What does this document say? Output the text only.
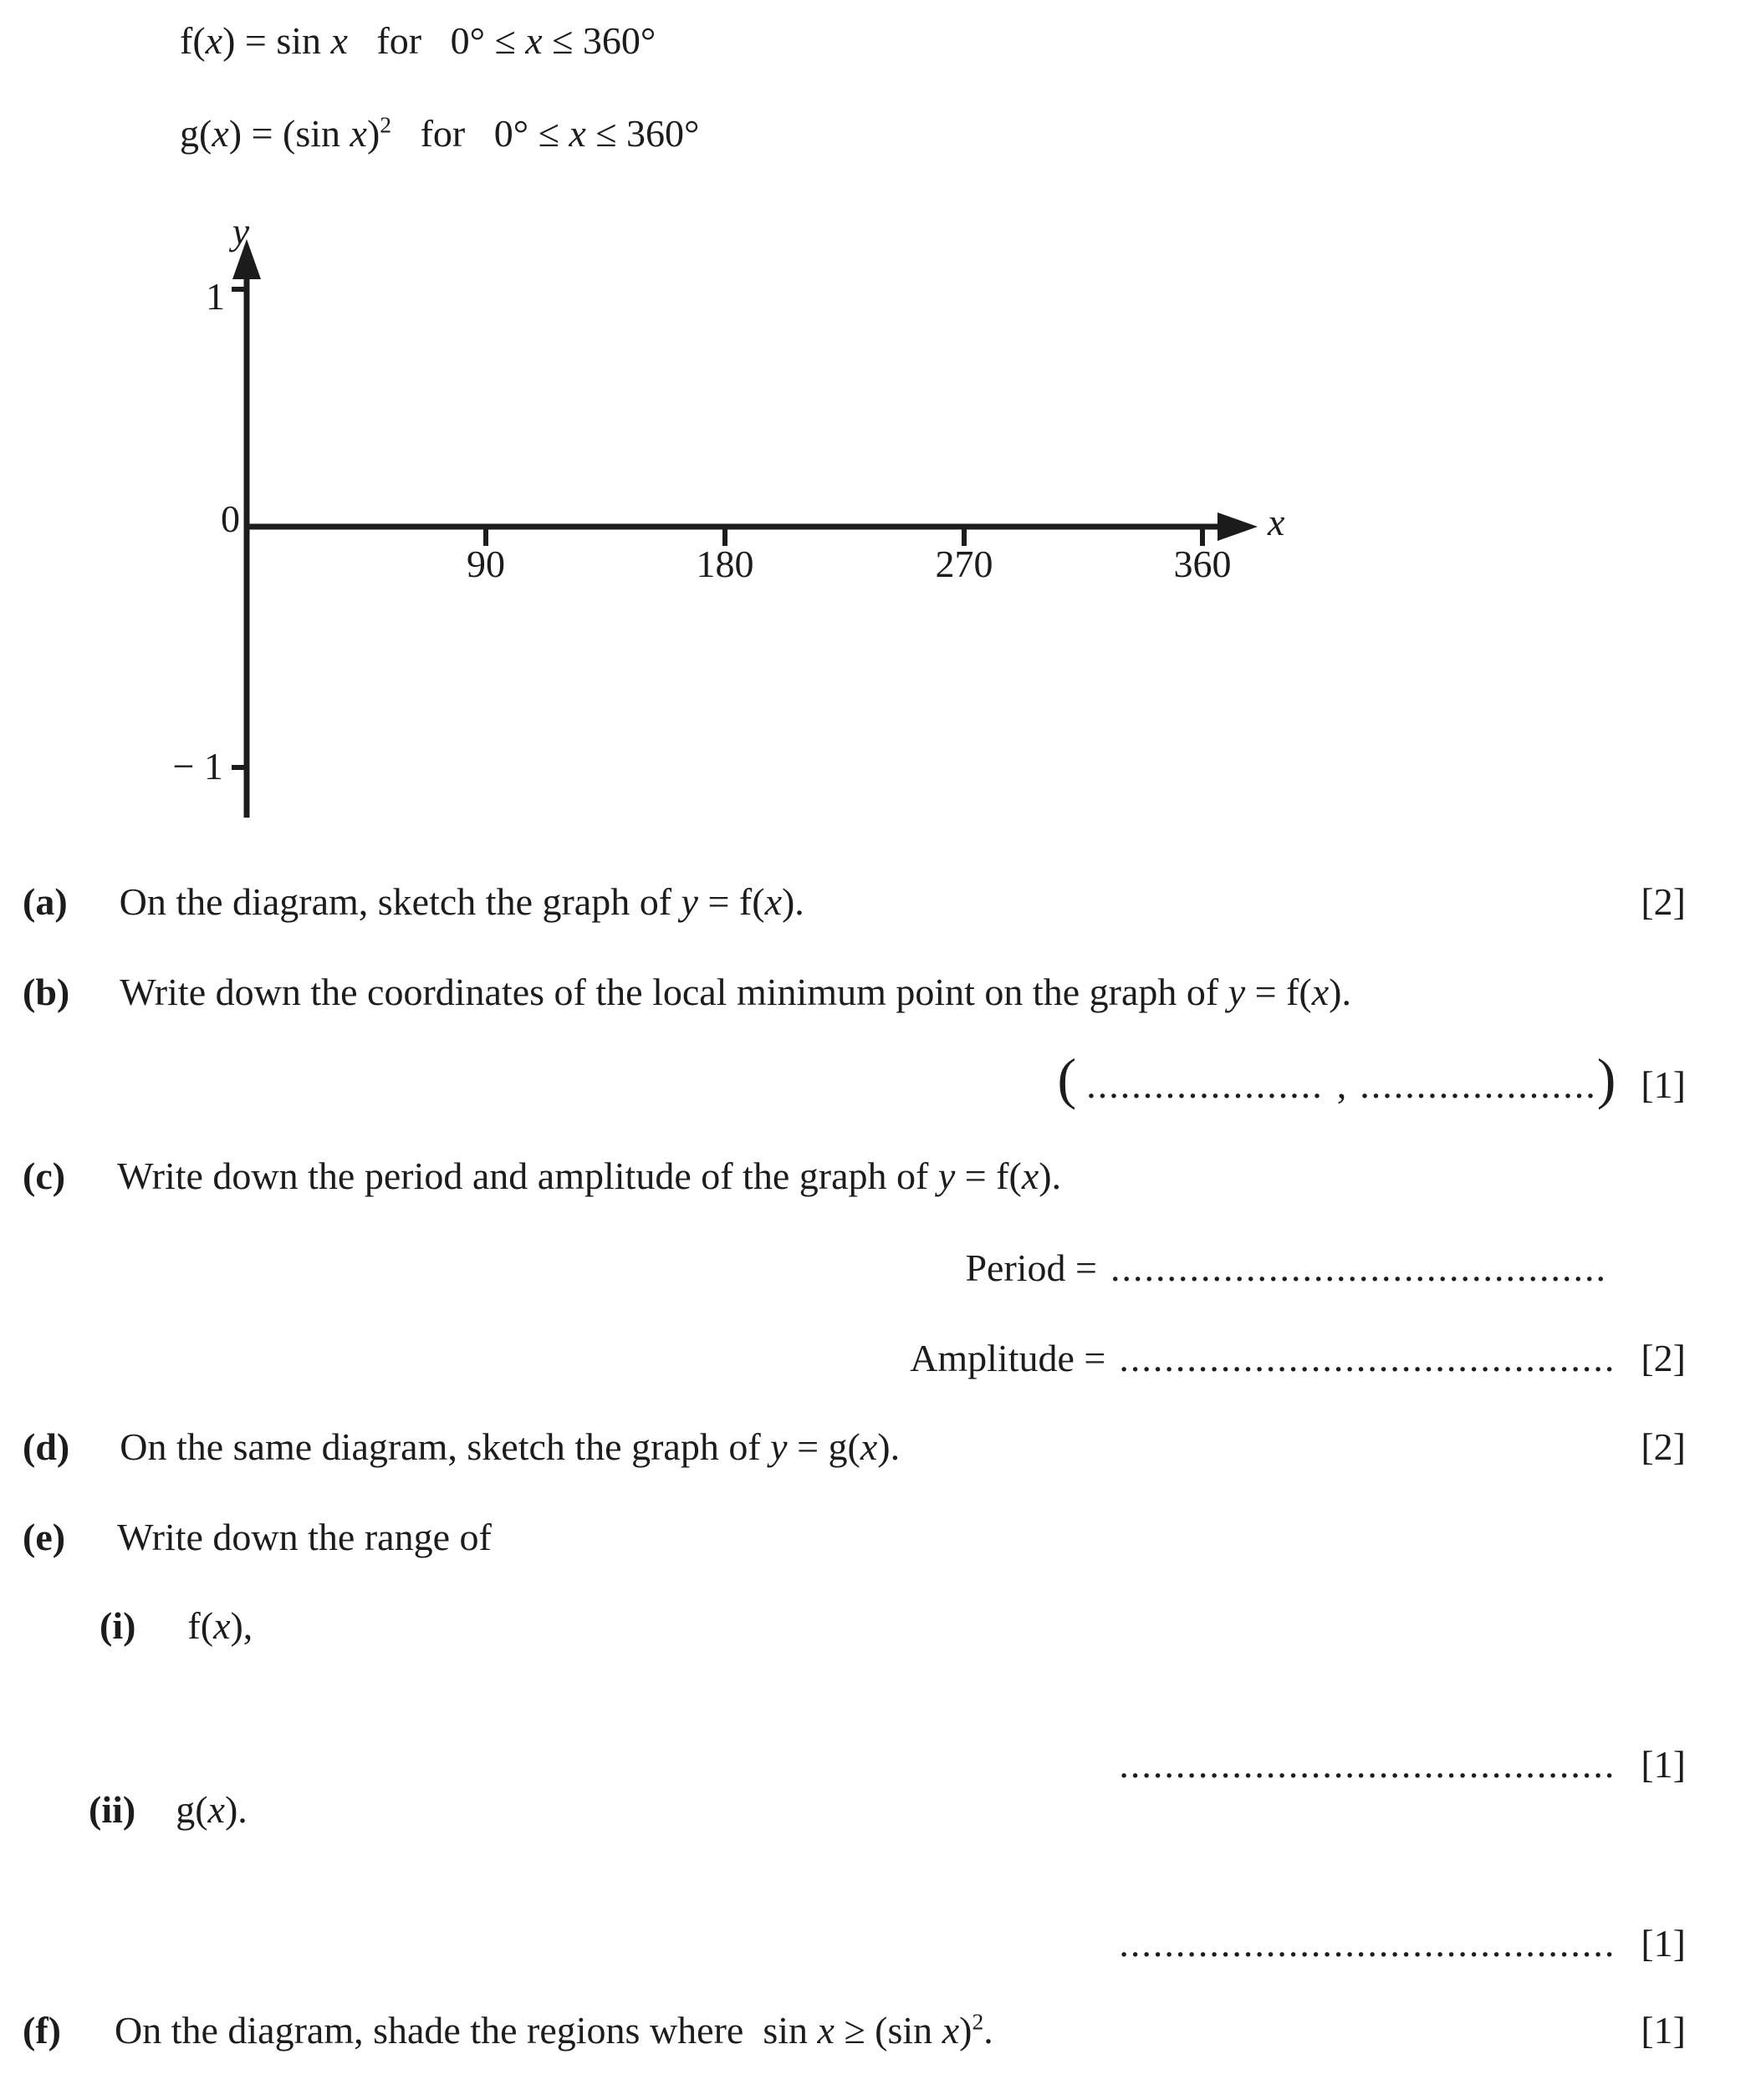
f(x) = sin x   for   0° ≤ x ≤ 360°
g(x) = (sin x)$^2$   for   0° ≤ x ≤ 360°
y
x
1
0
− 1
90	180	270	360
(a) On the diagram, sketch the graph of y = f(x).	[2]
(b) Write down the coordinates of the local minimum point on the graph of y = f(x).
( ..................... , ..................... ) [1]
(c) Write down the period and amplitude of the graph of y = f(x).
Period = ............................................
Amplitude = ............................................ [2]
(d) On the same diagram, sketch the graph of y = g(x).	[2]
(e) Write down the range of
(i) f(x),
............................................ [1]
(ii) g(x).
............................................ [1]
(f) On the diagram, shade the regions where  sin x ≥ (sin x)$^2$.	[1]
